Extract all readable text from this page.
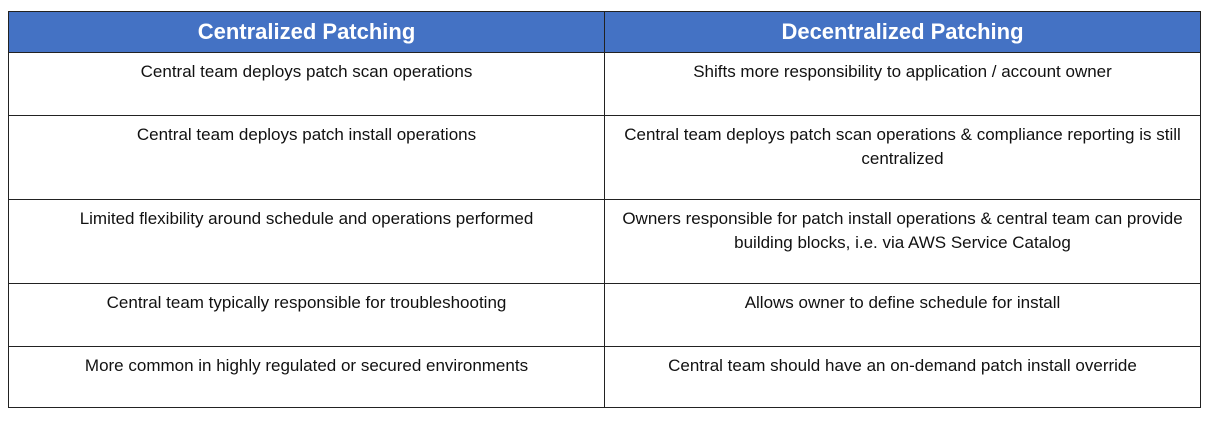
Centralized Patching	Decentralized Patching
Central team deploys patch scan operations	Shifts more responsibility to application / account owner
Central team deploys patch install operations	Central team deploys patch scan operations & compliance reporting is still centralized
Limited flexibility around schedule and operations performed	Owners responsible for patch install operations & central team can provide building blocks, i.e. via AWS Service Catalog
Central team typically responsible for troubleshooting	Allows owner to define schedule for install
More common in highly regulated or secured environments	Central team should have an on-demand patch install override
